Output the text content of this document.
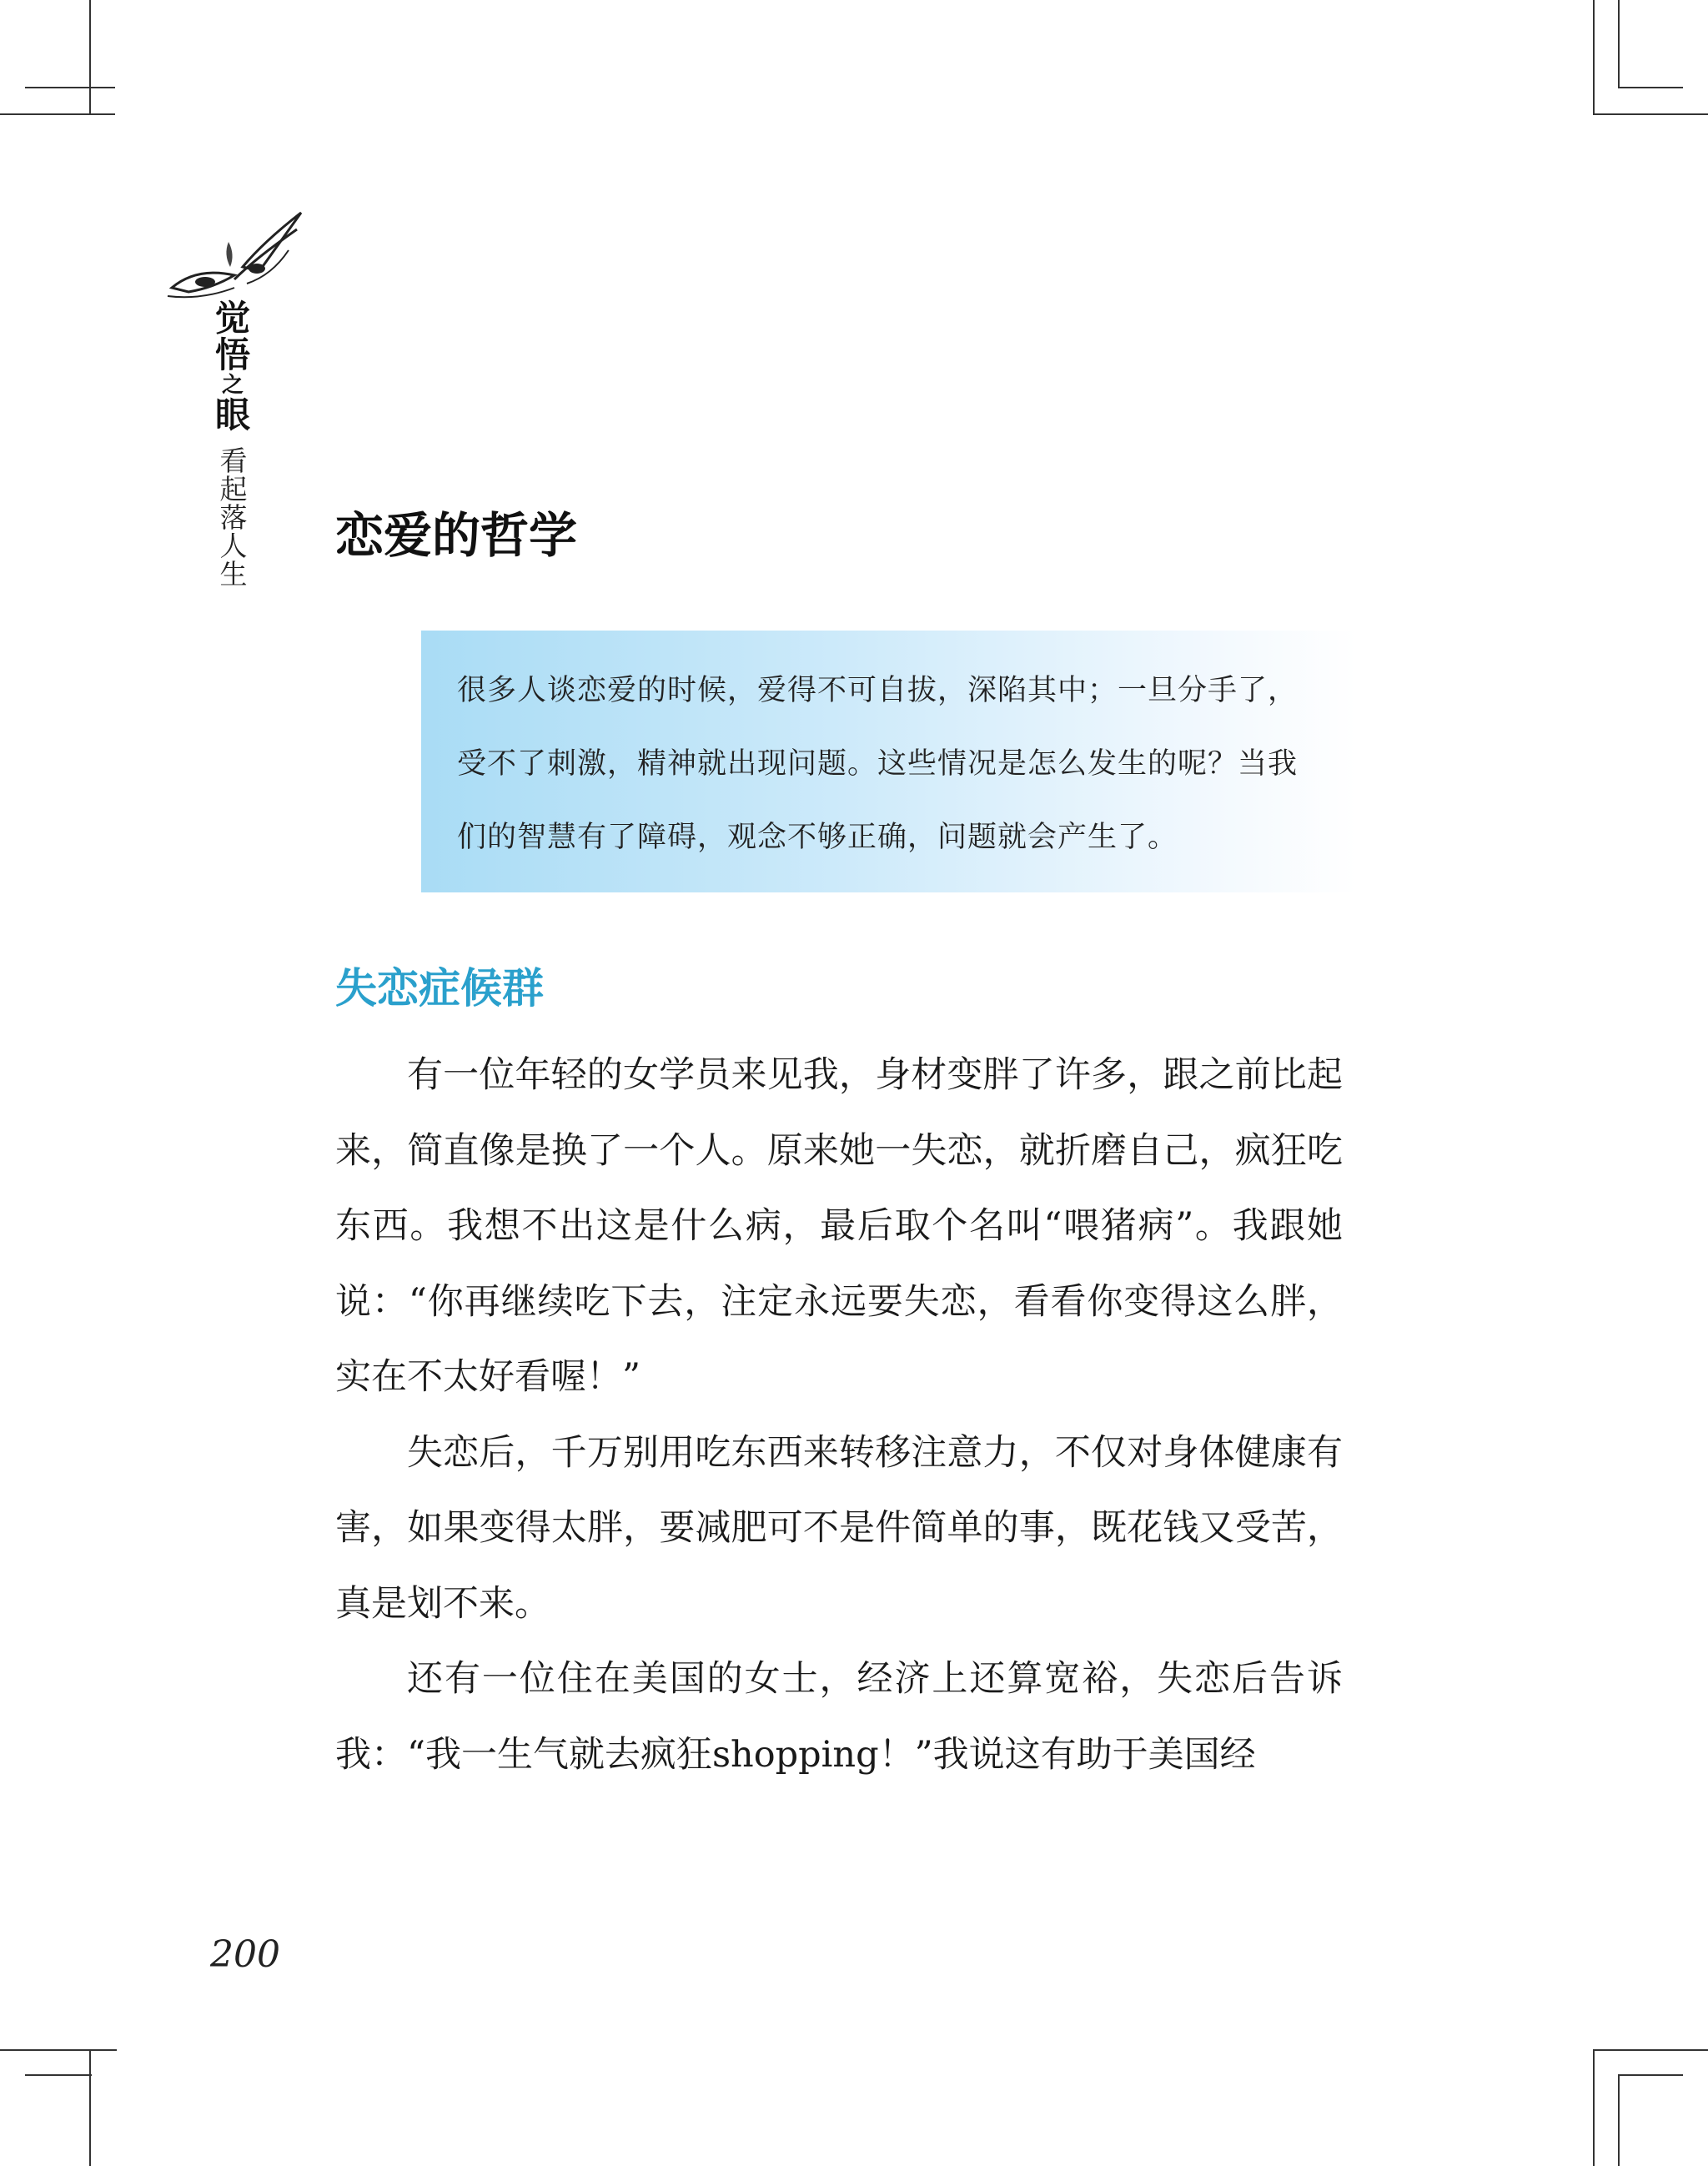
觉
悟
之
眼
看
起
落
人
生
恋爱的哲学
很多人谈恋爱的时候，爱得不可自拔，深陷其中；一旦分手了，
受不了刺激，精神就出现问题。这些情况是怎么发生的呢？当我
们的智慧有了障碍，观念不够正确，问题就会产生了。
失恋症候群

有一位年轻的女学员来见我，身材变胖了许多，跟之前比起来，简直像是换了一个人。原来她一失恋，就折磨自己，疯狂吃东西。我想不出这是什么病，最后取个名叫“喂猪病”。我跟她说：“你再继续吃下去，注定永远要失恋，看看你变得这么胖，实在不太好看喔！”

失恋后，千万别用吃东西来转移注意力，不仅对身体健康有害，如果变得太胖，要减肥可不是件简单的事，既花钱又受苦，真是划不来。

还有一位住在美国的女士，经济上还算宽裕，失恋后告诉我：“我一生气就去疯狂shopping！”我说这有助于美国经

200
